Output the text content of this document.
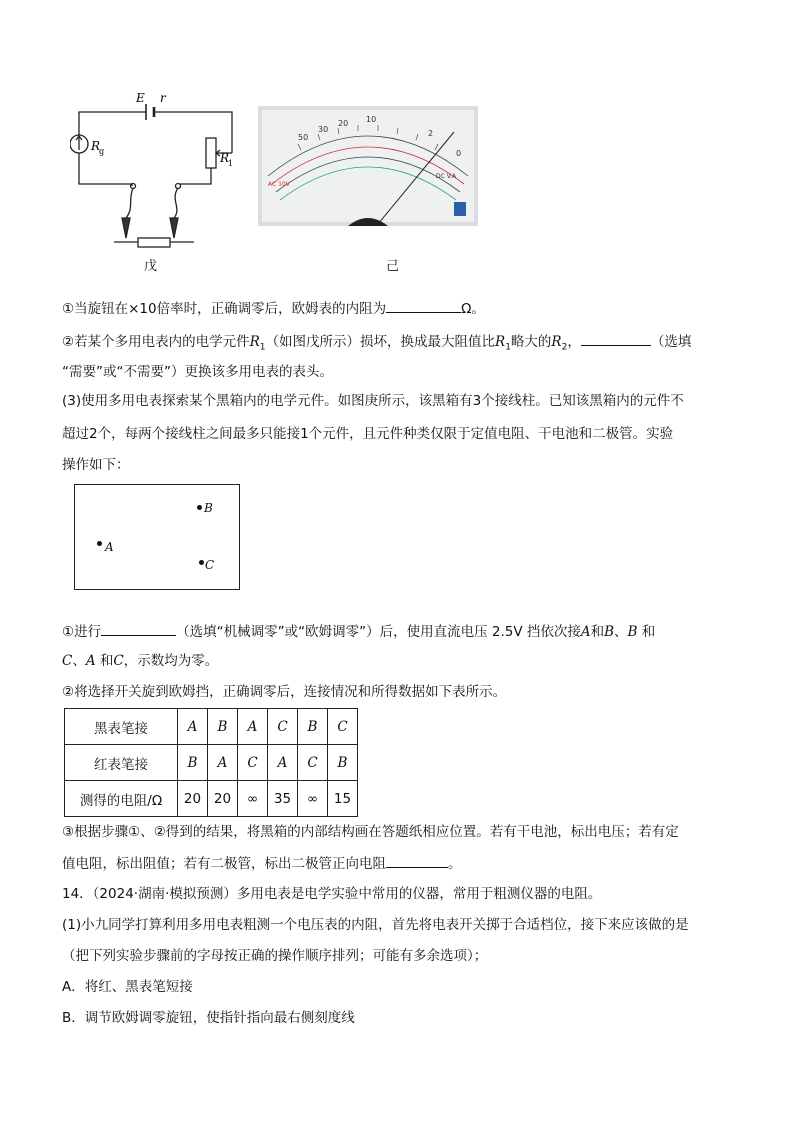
E r
R
g	R
1
戊
10
20
30
50	2
0
DC V.A
AC 10V
己
①当旋钮在×10倍率时，正确调零后，欧姆表的内阻为	Ω。
②若某个多用电表内的电学元件$R_1$（如图戊所示）损坏，换成最大阻值比$R_1$略大的$R_2$，	（选填
“需要”或“不需要”）更换该多用电表的表头。
(3)使用多用电表探索某个黑箱内的电学元件。如图庚所示，该黑箱有3个接线柱。已知该黑箱内的元件不
超过2个，每两个接线柱之间最多只能接1个元件，且元件种类仅限于定值电阻、干电池和二极管。实验
操作如下：
B
A
C
①进行	（选填“机械调零”或“欧姆调零”）后，使用直流电压 2.5V 挡依次接A和B、B 和
C、A 和C，示数均为零。
②将选择开关旋到欧姆挡，正确调零后，连接情况和所得数据如下表所示。
黑表笔接	A	B	A	C	B	C
红表笔接	B	A	C	A	C	B
测得的电阻/Ω	20	20	∞	35	∞	15
③根据步骤①、②得到的结果，将黑箱的内部结构画在答题纸相应位置。若有干电池，标出电压；若有定
值电阻，标出阻值；若有二极管，标出二极管正向电阻	。
14．（2024·湖南·模拟预测）多用电表是电学实验中常用的仪器，常用于粗测仪器的电阻。
(1)小九同学打算利用多用电表粗测一个电压表的内阻，首先将电表开关掷于合适档位，接下来应该做的是
（把下列实验步骤前的字母按正确的操作顺序排列；可能有多余选项）；
A．将红、黑表笔短接
B．调节欧姆调零旋钮，使指针指向最右侧刻度线
